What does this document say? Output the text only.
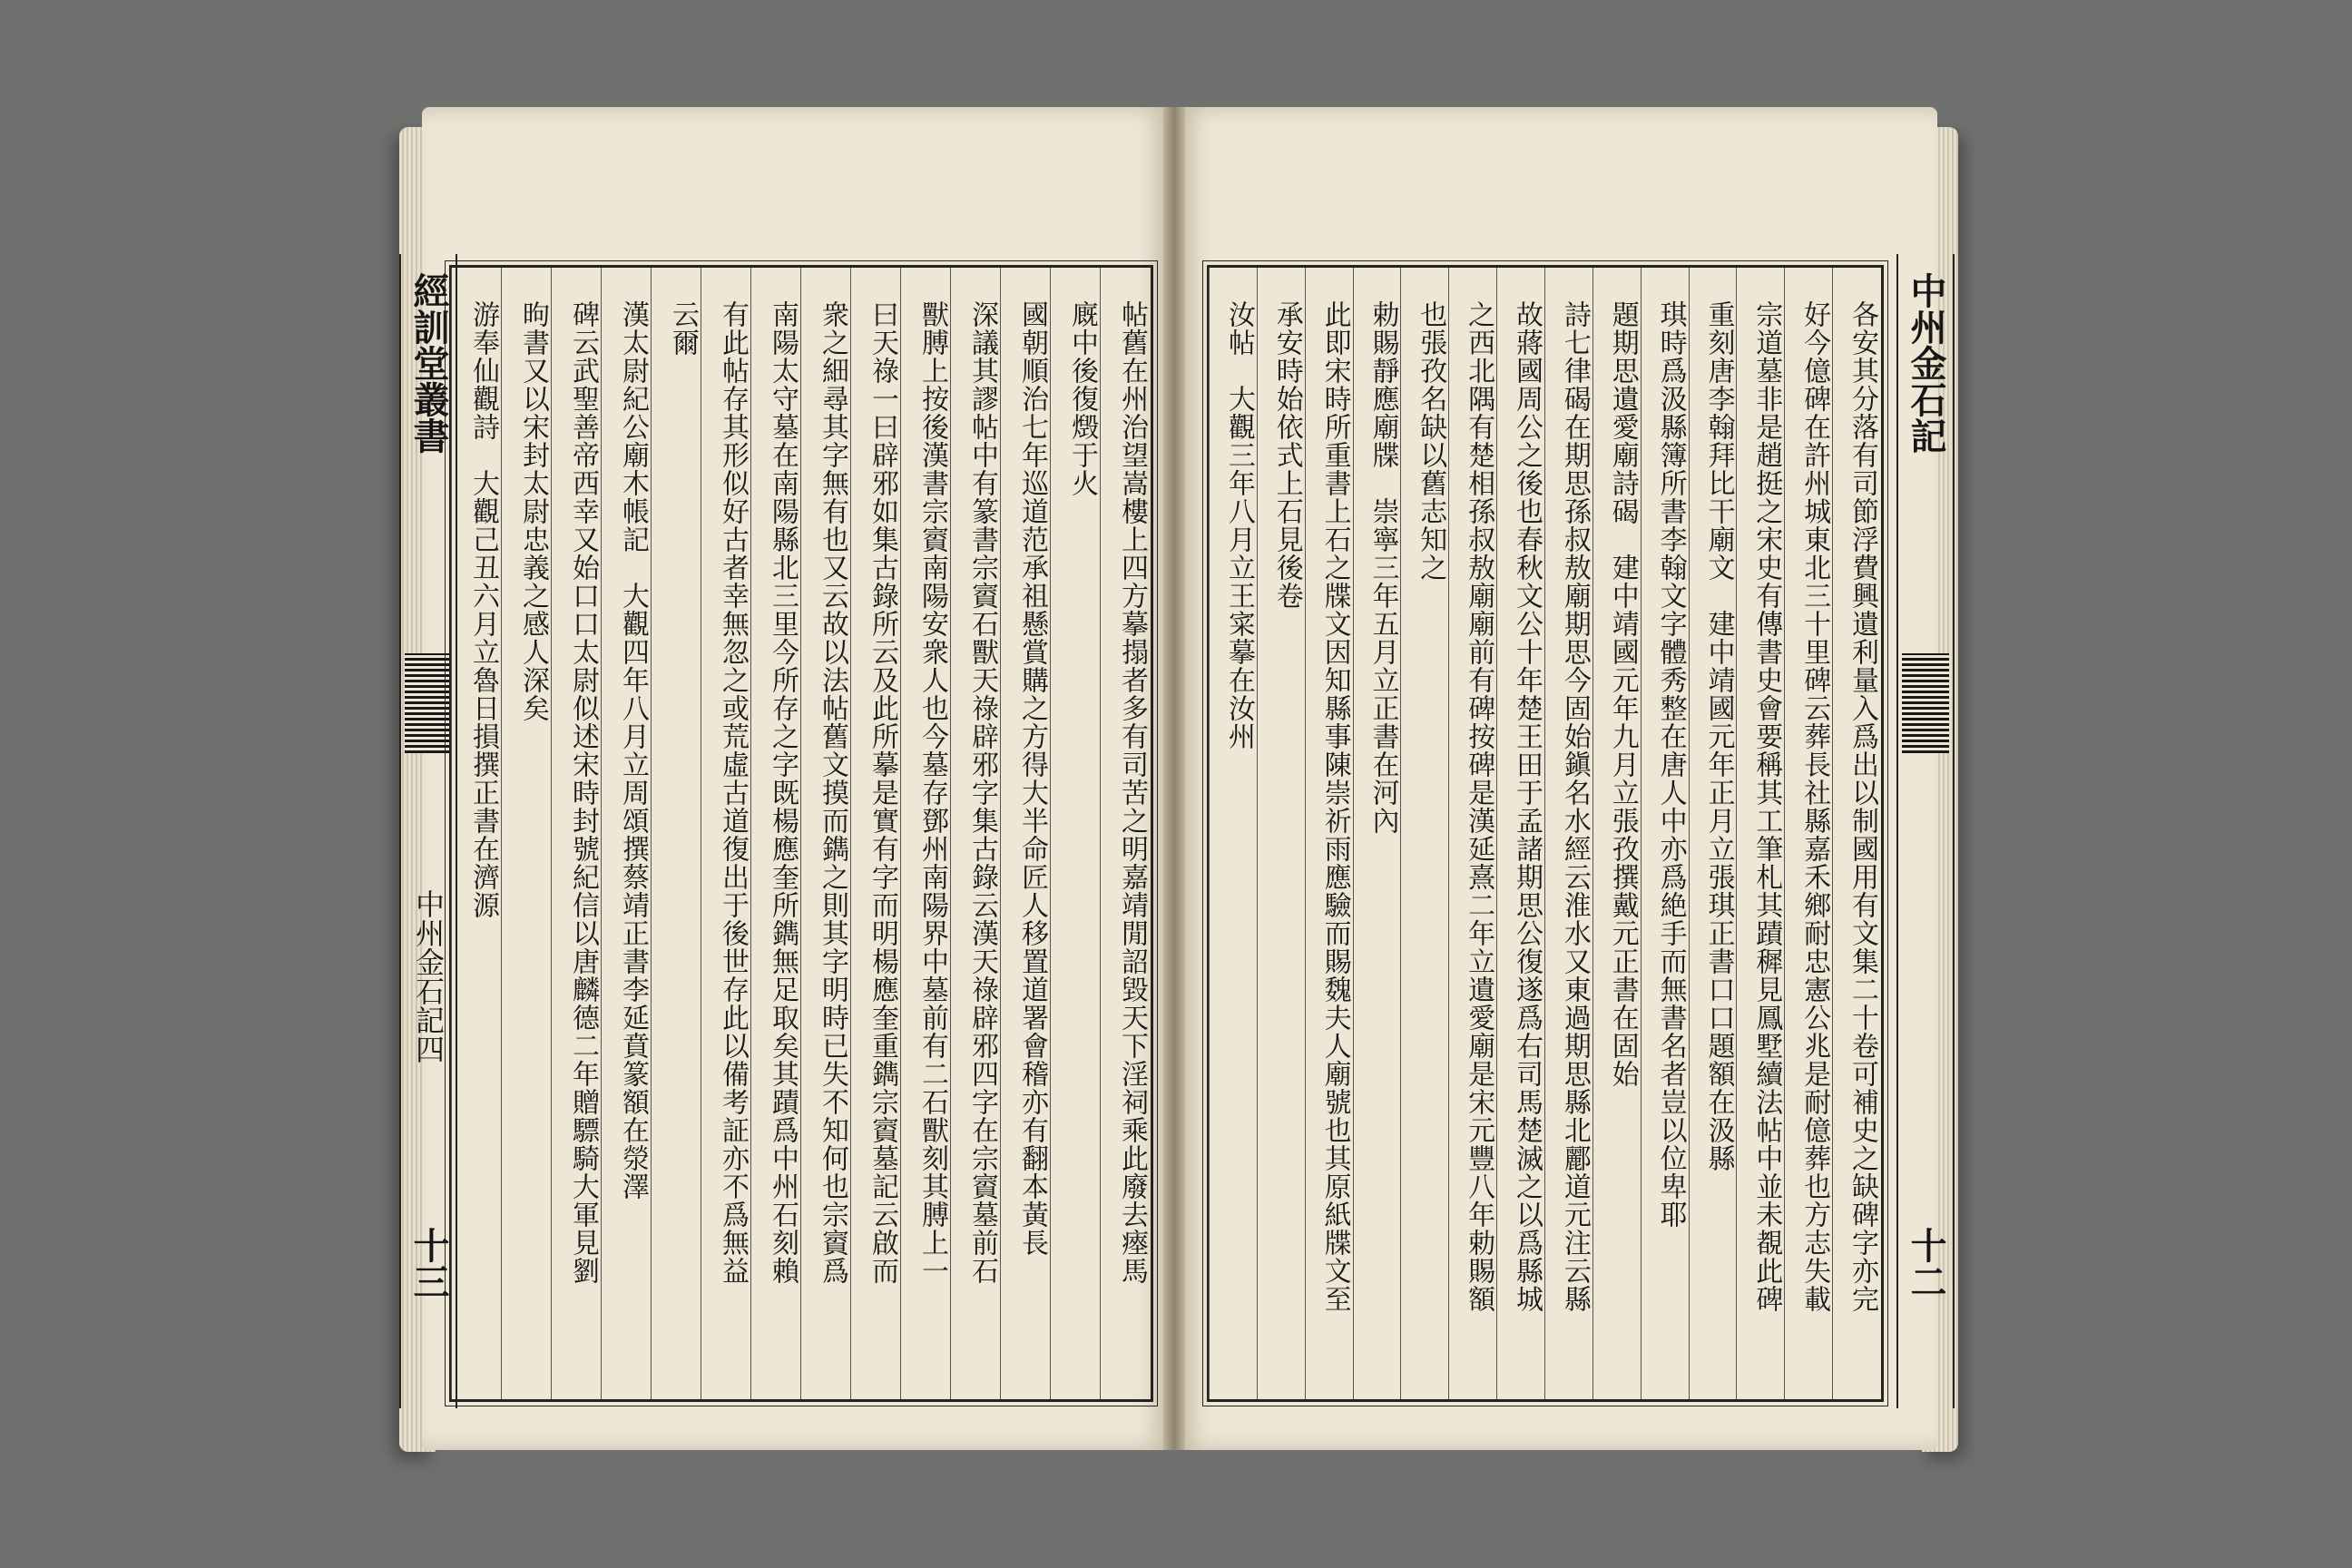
經訓堂叢書
中州金石記四
十三
中州金石記
十二
帖舊在州治望嵩樓上四方摹搨者多有司苦之明嘉靖閒詔毀天下淫祠乘此廢去瘞馬
廐中後復燬于火
國朝順治七年巡道范承祖懸賞購之方得大半命匠人移置道署會稽亦有翻本黃長
深議其謬帖中有篆書宗賨石獸天祿辟邪字集古錄云漢天祿辟邪四字在宗賨墓前石
獸膊上按後漢書宗賨南陽安衆人也今墓存鄧州南陽界中墓前有二石獸刻其膊上一
曰天祿一曰辟邪如集古錄所云及此所摹是實有字而明楊應奎重鐫宗賨墓記云啟而
衆之細尋其字無有也又云故以法帖舊文摸而鐫之則其字明時已失不知何也宗賨爲
南陽太守墓在南陽縣北三里今所存之字既楊應奎所鐫無足取矣其蹟爲中州石刻賴
有此帖存其形似好古者幸無忽之或荒虛古道復出于後世存此以備考証亦不爲無益
云爾
漢太尉紀公廟木帳記　大觀四年八月立周頌撰蔡靖正書李延賁篆額在滎澤
碑云武聖善帝西幸又始口口太尉似述宋時封號紀信以唐麟德二年贈驃騎大軍見劉
昫書又以宋封太尉忠義之感人深矣
游奉仙觀詩　大觀己丑六月立魯日損撰正書在濟源	各安其分落有司節浮費興遺利量入爲出以制國用有文集二十卷可補史之缺碑字亦完
好今億碑在許州城東北三十里碑云葬長社縣嘉禾鄉耐忠憲公兆是耐億葬也方志失載
宗道墓非是趙挺之宋史有傳書史會要稱其工筆札其蹟穉見鳳墅續法帖中並未覩此碑
重刻唐李翰拜比干廟文　建中靖國元年正月立張琪正書口口題額在汲縣
琪時爲汲縣簿所書李翰文字體秀整在唐人中亦爲絶手而無書名者豈以位卑耶
題期思遺愛廟詩碣　建中靖國元年九月立張孜撰戴元正書在固始
詩七律碣在期思孫叔敖廟期思今固始鎭名水經云淮水又東過期思縣北酈道元注云縣
故蔣國周公之後也春秋文公十年楚王田于孟諸期思公復遂爲右司馬楚滅之以爲縣城
之西北隅有楚相孫叔敖廟廟前有碑按碑是漢延熹二年立遺愛廟是宋元豐八年勅賜額
也張孜名缺以舊志知之
勅賜靜應廟牒　崇寧三年五月立正書在河內
此即宋時所重書上石之牒文因知縣事陳崇祈雨應驗而賜魏夫人廟號也其原紙牒文至
承安時始依式上石見後卷
汝帖　大觀三年八月立王寀摹在汝州
